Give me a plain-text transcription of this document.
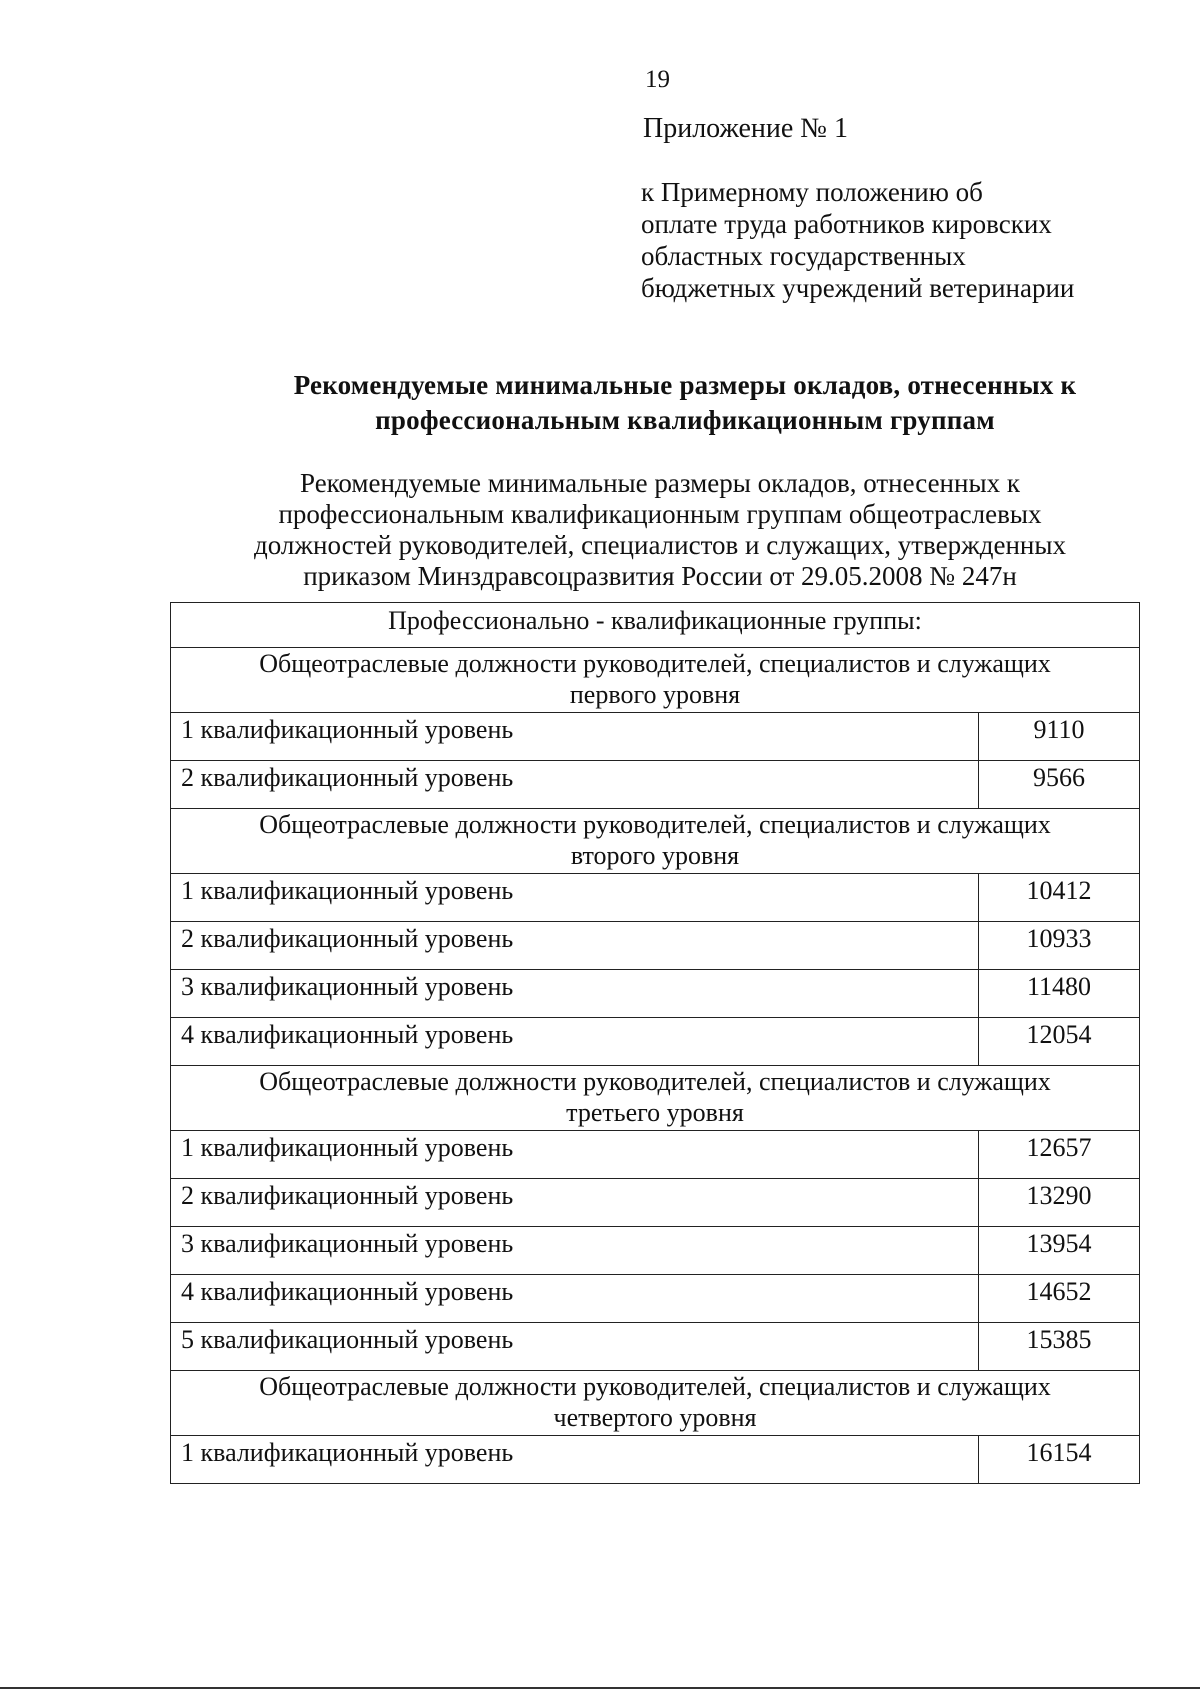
19
Приложение № 1
к Примерному положению об
оплате труда работников кировских
областных государственных
бюджетных учреждений ветеринарии
Рекомендуемые минимальные размеры окладов, отнесенных к
профессиональным квалификационным группам
Рекомендуемые минимальные размеры окладов, отнесенных к
профессиональным квалификационным группам общеотраслевых
должностей руководителей, специалистов и служащих, утвержденных
приказом Минздравсоцразвития России от 29.05.2008 № 247н
Профессионально - квалификационные группы:	

Общеотраслевые должности руководителей, специалистов и служащих
первого уровня	

1 квалификационный уровень	9110
2 квалификационный уровень	9566

Общеотраслевые должности руководителей, специалистов и служащих
второго уровня	

1 квалификационный уровень	10412
2 квалификационный уровень	10933
3 квалификационный уровень	11480
4 квалификационный уровень	12054

Общеотраслевые должности руководителей, специалистов и служащих
третьего уровня	

1 квалификационный уровень	12657
2 квалификационный уровень	13290
3 квалификационный уровень	13954
4 квалификационный уровень	14652
5 квалификационный уровень	15385

Общеотраслевые должности руководителей, специалистов и служащих
четвертого уровня	

1 квалификационный уровень	16154
